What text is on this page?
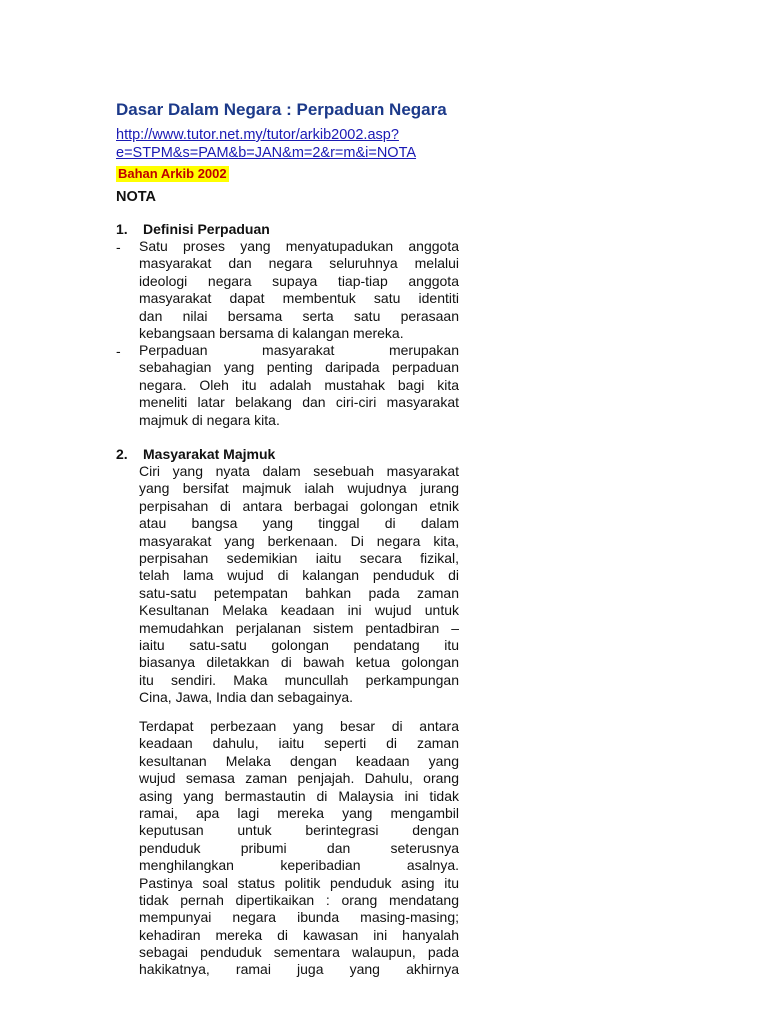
Dasar Dalam Negara : Perpaduan Negara
http://www.tutor.net.my/tutor/arkib2002.asp?
e=STPM&s=PAM&b=JAN&m=2&r=m&i=NOTA
Bahan Arkib 2002
NOTA
1. Definisi Perpaduan
- Satu proses yang menyatupadukan anggota
masyarakat dan negara seluruhnya melalui
ideologi negara supaya tiap-tiap anggota
masyarakat dapat membentuk satu identiti
dan nilai bersama serta satu perasaan
kebangsaan bersama di kalangan mereka.
- Perpaduan masyarakat merupakan
sebahagian yang penting daripada perpaduan
negara. Oleh itu adalah mustahak bagi kita
meneliti latar belakang dan ciri-ciri masyarakat
majmuk di negara kita.
2. Masyarakat Majmuk
Ciri yang nyata dalam sesebuah masyarakat
yang bersifat majmuk ialah wujudnya jurang
perpisahan di antara berbagai golongan etnik
atau bangsa yang tinggal di dalam
masyarakat yang berkenaan. Di negara kita,
perpisahan sedemikian iaitu secara fizikal,
telah lama wujud di kalangan penduduk di
satu-satu petempatan bahkan pada zaman
Kesultanan Melaka keadaan ini wujud untuk
memudahkan perjalanan sistem pentadbiran –
iaitu satu-satu golongan pendatang itu
biasanya diletakkan di bawah ketua golongan
itu sendiri. Maka muncullah perkampungan
Cina, Jawa, India dan sebagainya.
Terdapat perbezaan yang besar di antara
keadaan dahulu, iaitu seperti di zaman
kesultanan Melaka dengan keadaan yang
wujud semasa zaman penjajah. Dahulu, orang
asing yang bermastautin di Malaysia ini tidak
ramai, apa lagi mereka yang mengambil
keputusan untuk berintegrasi dengan
penduduk pribumi dan seterusnya
menghilangkan keperibadian asalnya.
Pastinya soal status politik penduduk asing itu
tidak pernah dipertikaikan : orang mendatang
mempunyai negara ibunda masing-masing;
kehadiran mereka di kawasan ini hanyalah
sebagai penduduk sementara walaupun, pada
hakikatnya, ramai juga yang akhirnya
